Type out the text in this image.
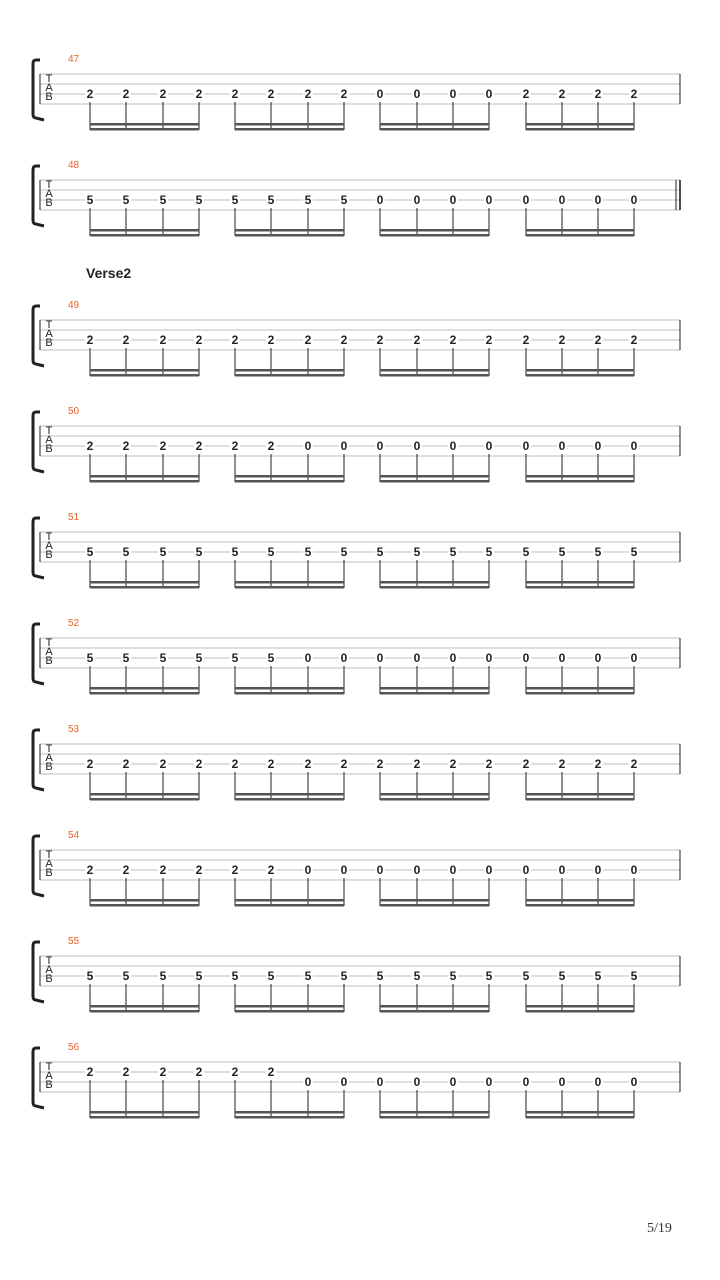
T
A
B
47
2 2	2 2 2 2	2 2 0	0 0 0	2 2 2 2
T
A
B
48
5 5	5 5 5 5	5 5 0	0 0 0	0 0 0 0
T
A
B
49
2 2	2 2 2 2	2 2 2	2 2 2	2 2 2 2
T
A
B
50
2 2	2 2 2 2	0 0 0	0 0 0	0 0 0 0
T
A
B
51
5 5	5 5 5 5	5 5 5	5 5 5	5 5 5 5
T
A
B
52
5 5	5 5 5 5	0 0 0	0 0 0	0 0 0 0
T
A
B
53
2 2	2 2 2 2	2 2 2	2 2 2	2 2 2 2
T
A
B
54
2 2	2 2 2 2	0 0 0	0 0 0	0 0 0 0
T
A
B
55
5 5	5 5 5 5	5 5 5	5 5 5	5 5 5 5
T
A
B
56
2 2	2 2 2 2
0 0 0	0 0 0	0 0 0 0
Verse2
5/19
